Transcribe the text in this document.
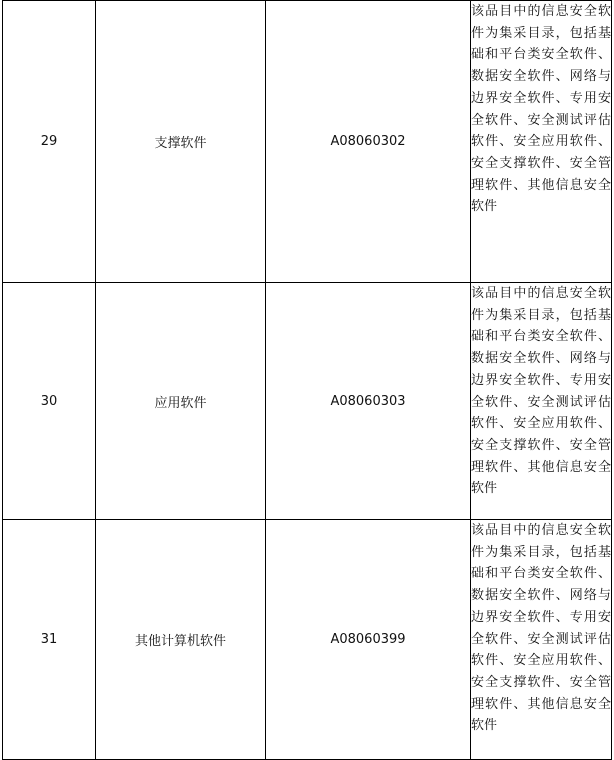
29	支撑软件	A08060302	该品目中的信息安全软件为集采目录，包括基础和平台类安全软件、数据安全软件、网络与边界安全软件、专用安全软件、安全测试评估软件、安全应用软件、安全支撑软件、安全管理软件、其他信息安全软件
30	应用软件	A08060303	该品目中的信息安全软件为集采目录，包括基础和平台类安全软件、数据安全软件、网络与边界安全软件、专用安全软件、安全测试评估软件、安全应用软件、安全支撑软件、安全管理软件、其他信息安全软件
31	其他计算机软件	A08060399	该品目中的信息安全软件为集采目录，包括基础和平台类安全软件、数据安全软件、网络与边界安全软件、专用安全软件、安全测试评估软件、安全应用软件、安全支撑软件、安全管理软件、其他信息安全软件
